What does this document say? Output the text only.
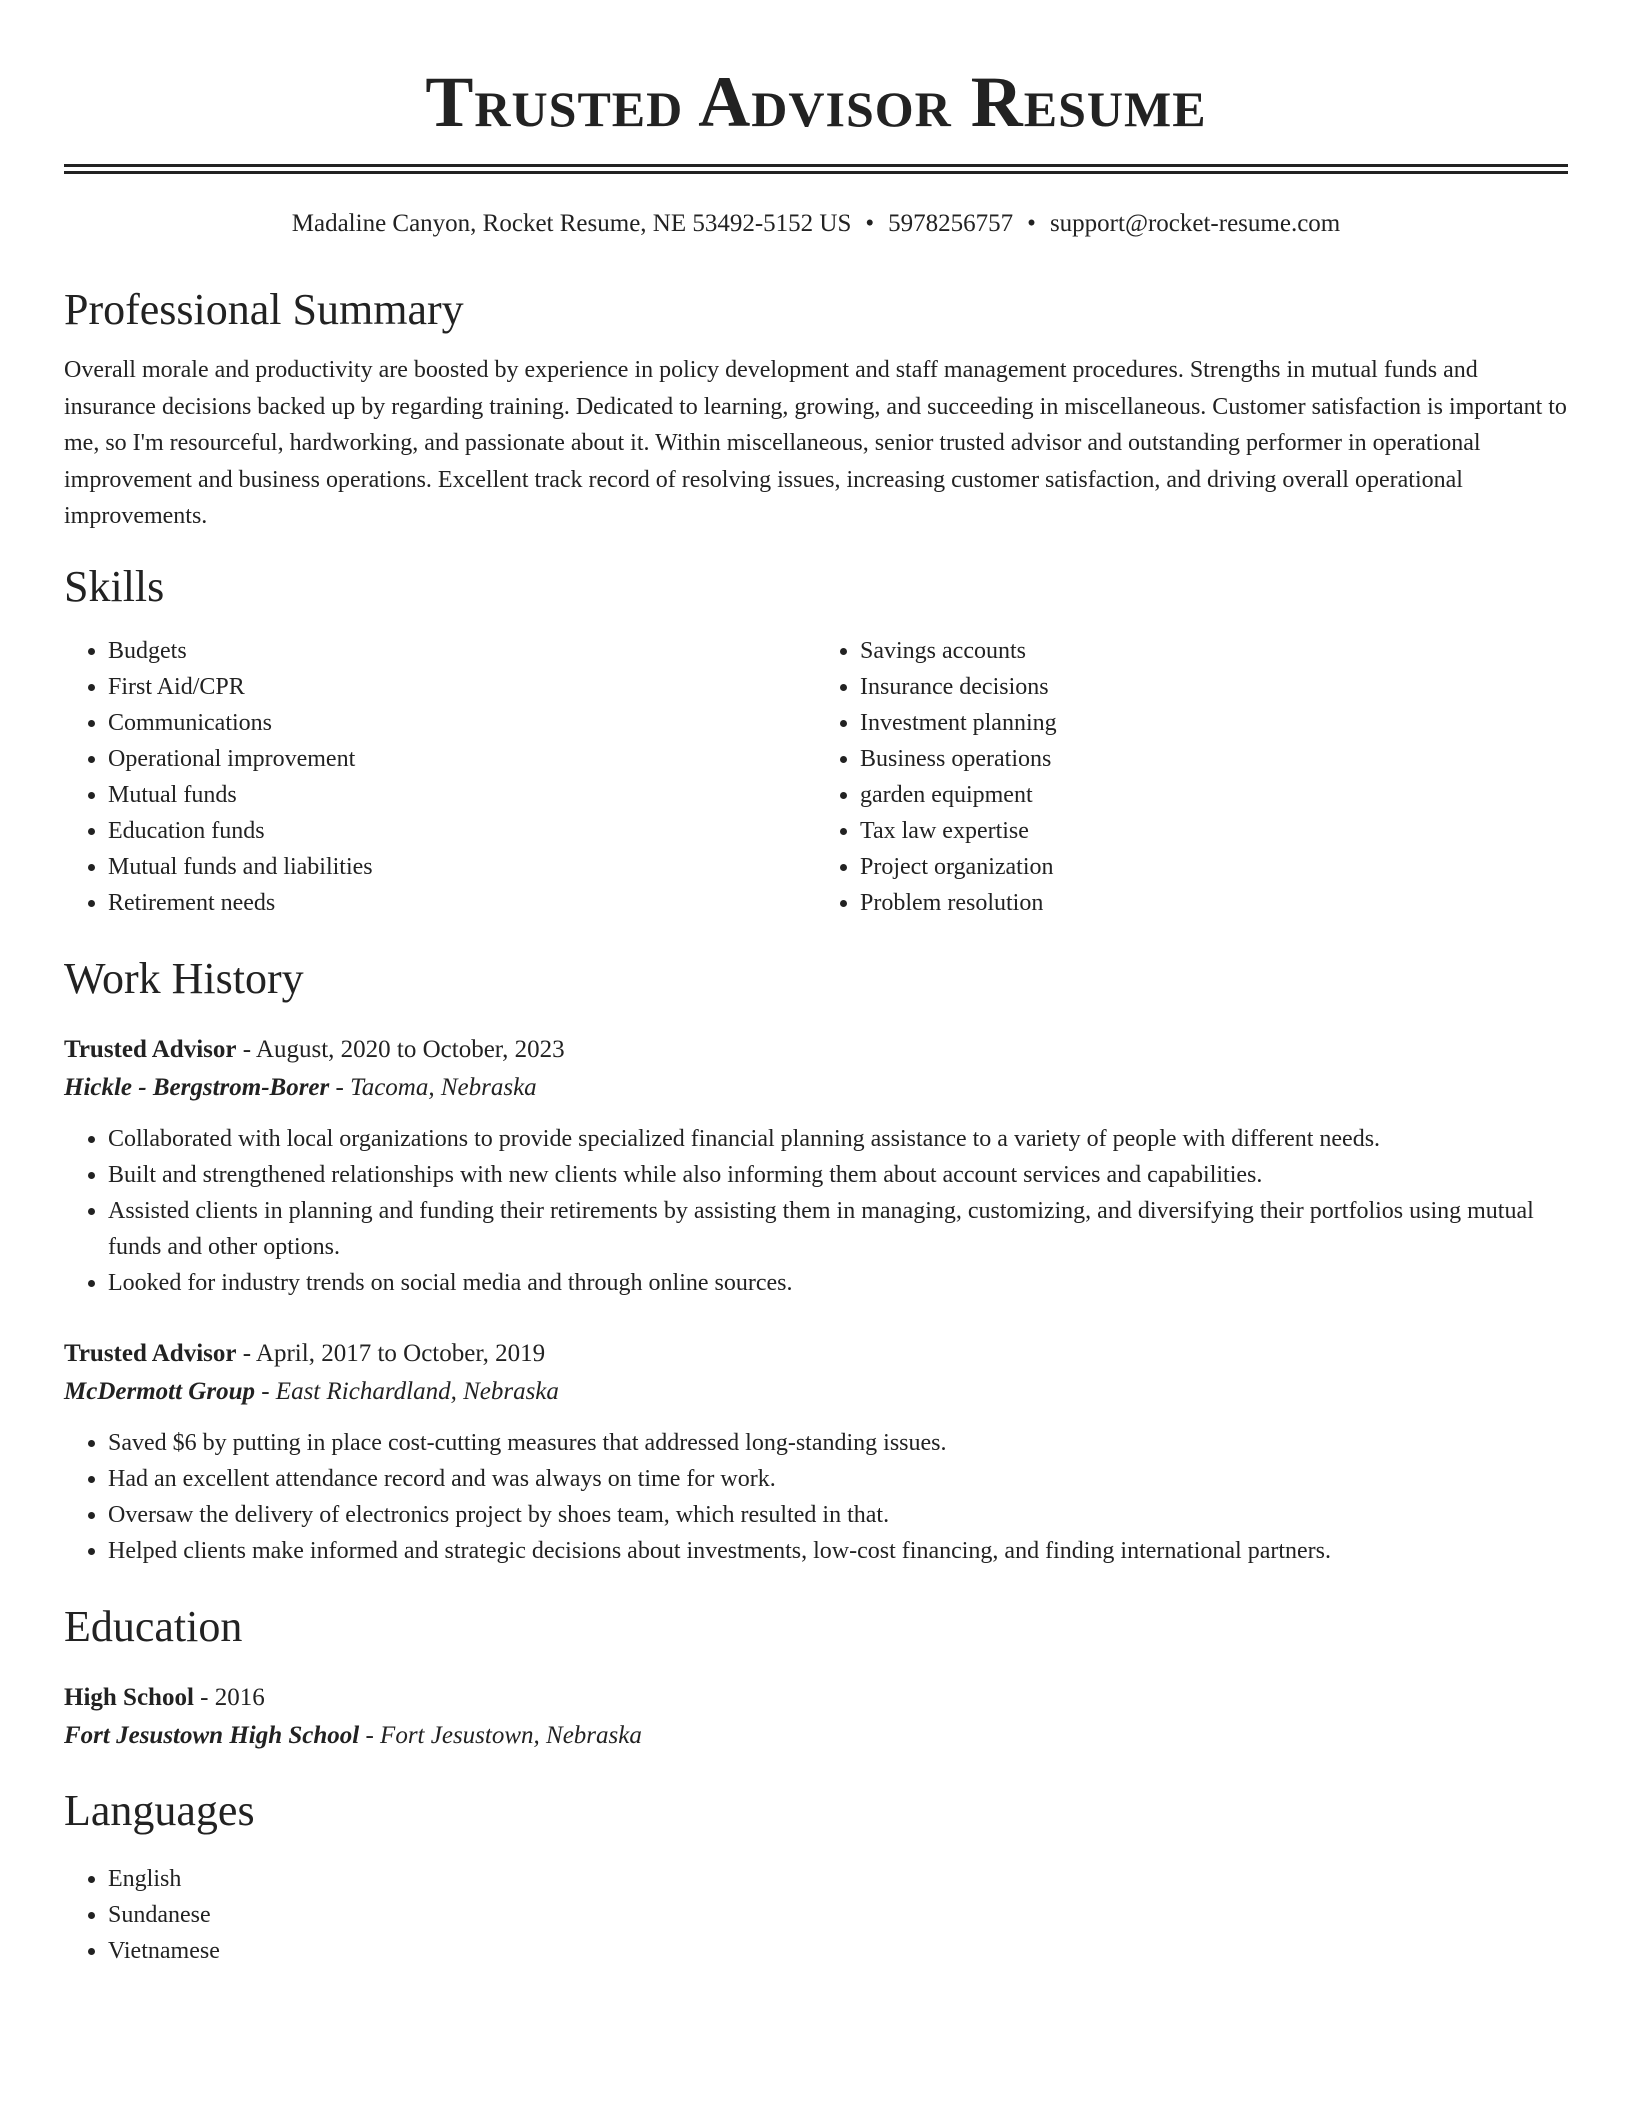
Trusted Advisor Resume
Madaline Canyon, Rocket Resume, NE 53492-5152 US • 5978256757 • support@rocket-resume.com
Professional Summary

Overall morale and productivity are boosted by experience in policy development and staff management procedures. Strengths in mutual funds and insurance decisions backed up by regarding training. Dedicated to learning, growing, and succeeding in miscellaneous. Customer satisfaction is important to me, so I'm resourceful, hardworking, and passionate about it. Within miscellaneous, senior trusted advisor and outstanding performer in operational improvement and business operations. Excellent track record of resolving issues, increasing customer satisfaction, and driving overall operational improvements.

Skills
• Budgets
• First Aid/CPR
• Communications
• Operational improvement
• Mutual funds
• Education funds
• Mutual funds and liabilities
• Retirement needs
• Savings accounts
• Insurance decisions
• Investment planning
• Business operations
• garden equipment
• Tax law expertise
• Project organization
• Problem resolution
Work History
Trusted Advisor - August, 2020 to October, 2023
Hickle - Bergstrom-Borer - Tacoma, Nebraska
• Collaborated with local organizations to provide specialized financial planning assistance to a variety of people with different needs.
• Built and strengthened relationships with new clients while also informing them about account services and capabilities.
• Assisted clients in planning and funding their retirements by assisting them in managing, customizing, and diversifying their portfolios using mutual funds and other options.
• Looked for industry trends on social media and through online sources.
Trusted Advisor - April, 2017 to October, 2019
McDermott Group - East Richardland, Nebraska
• Saved $6 by putting in place cost-cutting measures that addressed long-standing issues.
• Had an excellent attendance record and was always on time for work.
• Oversaw the delivery of electronics project by shoes team, which resulted in that.
• Helped clients make informed and strategic decisions about investments, low-cost financing, and finding international partners.
Education
High School - 2016
Fort Jesustown High School - Fort Jesustown, Nebraska
Languages
• English
• Sundanese
• Vietnamese
